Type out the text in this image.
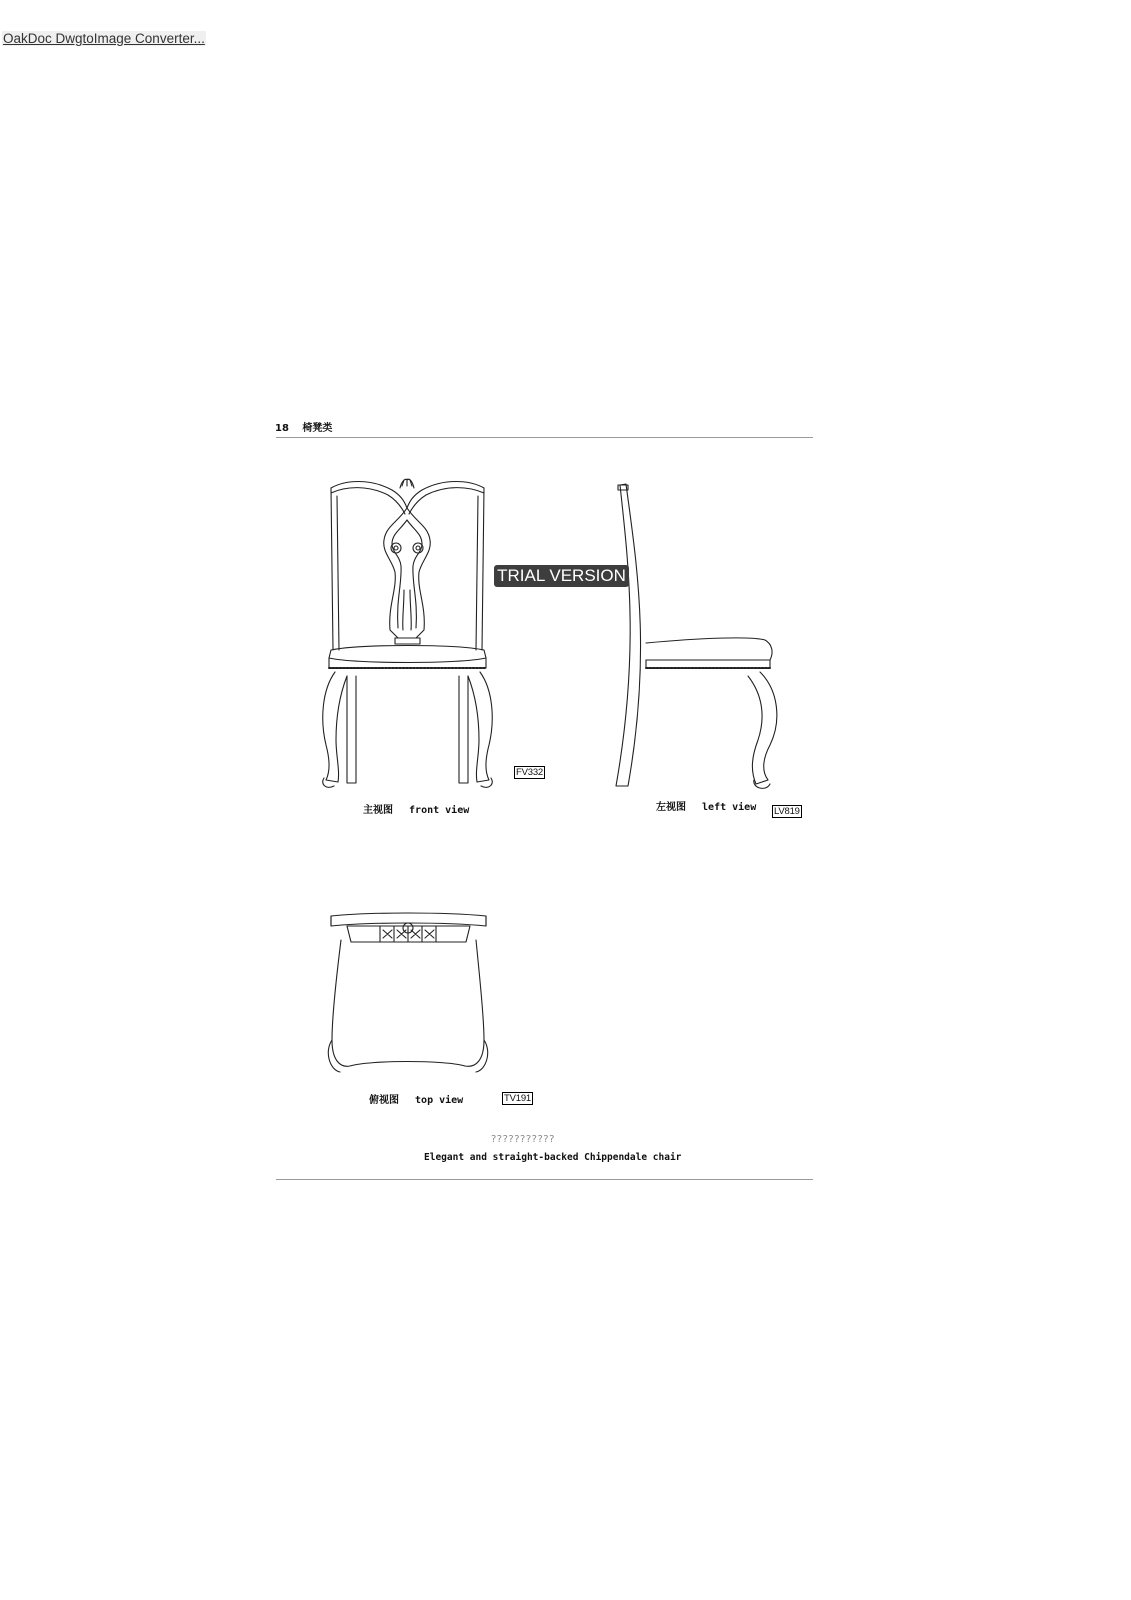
OakDoc DwgtoImage Converter...
18 椅凳类
TRIAL VERSION
主视图 front view
FV332
左视图 left view LV819
俯视图 top view	TV191
???????????
Elegant and straight-backed Chippendale chair
